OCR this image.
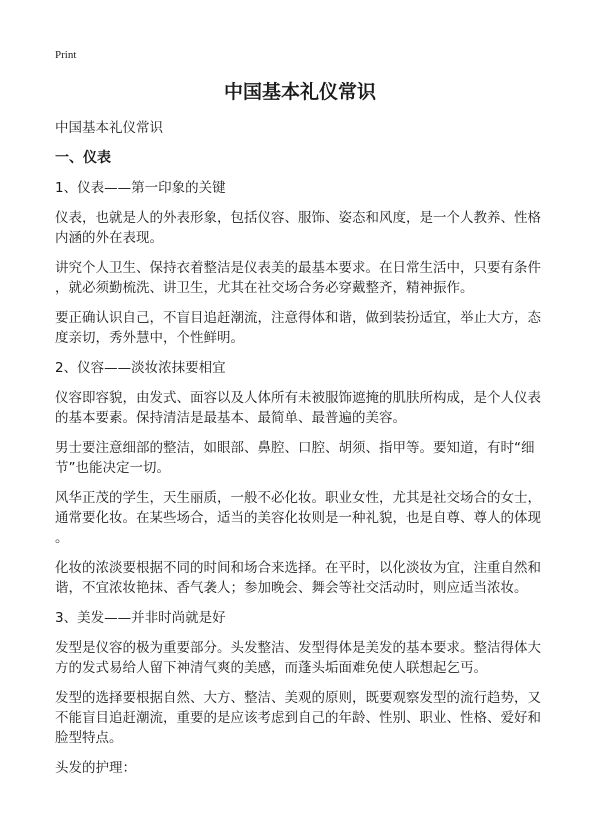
Print
中国基本礼仪常识
中国基本礼仪常识
一、仪表
1、仪表——第一印象的关键
仪表，也就是人的外表形象，包括仪容、服饰、姿态和风度，是一个人教养、性格
内涵的外在表现。
讲究个人卫生、保持衣着整洁是仪表美的最基本要求。在日常生活中，只要有条件
，就必须勤梳洗、讲卫生，尤其在社交场合务必穿戴整齐，精神振作。
要正确认识自己，不盲目追赶潮流，注意得体和谐，做到装扮适宜，举止大方，态
度亲切，秀外慧中，个性鲜明。
2、仪容——淡妆浓抹要相宜
仪容即容貌，由发式、面容以及人体所有未被服饰遮掩的肌肤所构成，是个人仪表
的基本要素。保持清洁是最基本、最简单、最普遍的美容。
男士要注意细部的整洁，如眼部、鼻腔、口腔、胡须、指甲等。要知道，有时“细
节”也能决定一切。
风华正茂的学生，天生丽质，一般不必化妆。职业女性，尤其是社交场合的女士，
通常要化妆。在某些场合，适当的美容化妆则是一种礼貌，也是自尊、尊人的体现
。
化妆的浓淡要根据不同的时间和场合来选择。在平时，以化淡妆为宜，注重自然和
谐，不宜浓妆艳抹、香气袭人；参加晚会、舞会等社交活动时，则应适当浓妆。
3、美发——并非时尚就是好
发型是仪容的极为重要部分。头发整洁、发型得体是美发的基本要求。整洁得体大
方的发式易给人留下神清气爽的美感，而蓬头垢面难免使人联想起乞丐。
发型的选择要根据自然、大方、整洁、美观的原则，既要观察发型的流行趋势，又
不能盲目追赶潮流，重要的是应该考虑到自己的年龄、性别、职业、性格、爱好和
脸型特点。
头发的护理：
